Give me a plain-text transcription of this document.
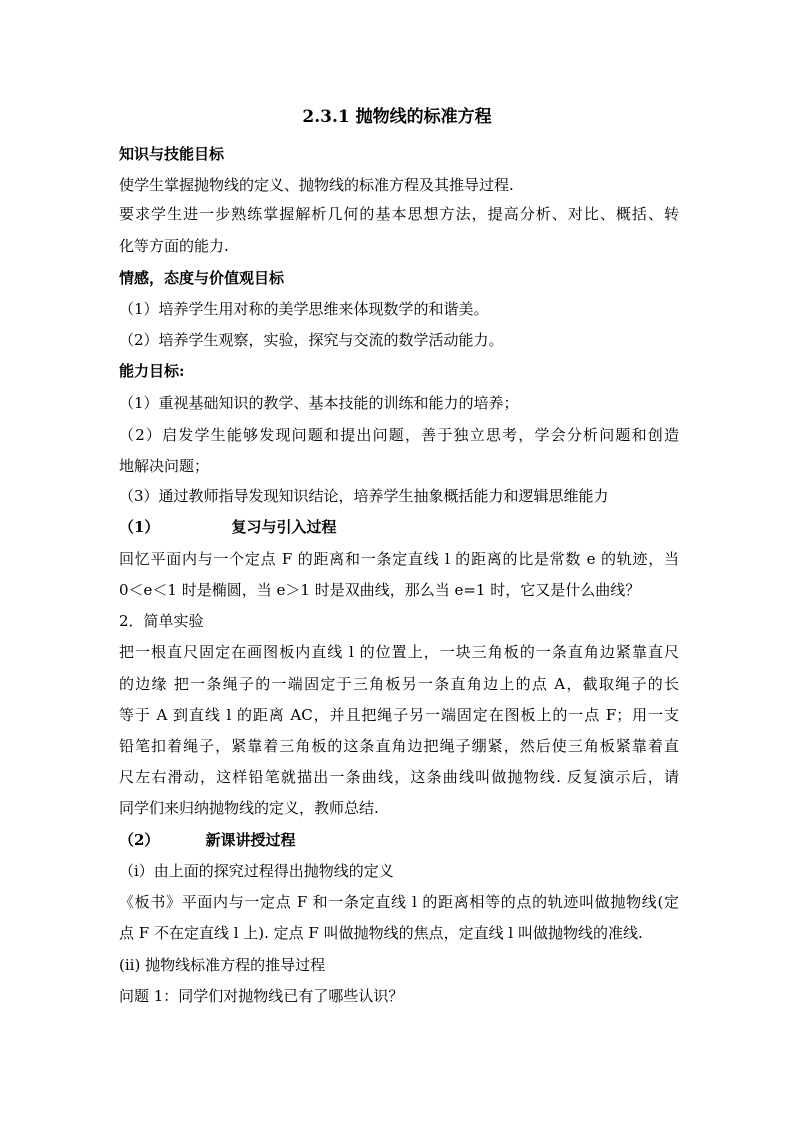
2.3.1 抛物线的标准方程
知识与技能目标
使学生掌握抛物线的定义、抛物线的标准方程及其推导过程.
要求学生进一步熟练掌握解析几何的基本思想方法，提高分析、对比、概括、转
化等方面的能力.
情感，态度与价值观目标
（1）培养学生用对称的美学思维来体现数学的和谐美。
（2）培养学生观察，实验，探究与交流的数学活动能力。
能力目标:
（1）重视基础知识的教学、基本技能的训练和能力的培养；
（2）启发学生能够发现问题和提出问题，善于独立思考，学会分析问题和创造
地解决问题；
（3）通过教师指导发现知识结论，培养学生抽象概括能力和逻辑思维能力
（1）	复习与引入过程
回忆平面内与一个定点 F 的距离和一条定直线 l 的距离的比是常数 e 的轨迹，当
0＜e＜1 时是椭圆，当 e＞1 时是双曲线，那么当 e=1 时，它又是什么曲线？
2．简单实验
把一根直尺固定在画图板内直线 l 的位置上，一块三角板的一条直角边紧靠直尺
的边缘 把一条绳子的一端固定于三角板另一条直角边上的点 A，截取绳子的长
等于 A 到直线 l 的距离 AC，并且把绳子另一端固定在图板上的一点 F；用一支
铅笔扣着绳子，紧靠着三角板的这条直角边把绳子绷紧，然后使三角板紧靠着直
尺左右滑动，这样铅笔就描出一条曲线，这条曲线叫做抛物线. 反复演示后，请
同学们来归纳抛物线的定义，教师总结.
（2）	新课讲授过程
（i）由上面的探究过程得出抛物线的定义
《板书》平面内与一定点 F 和一条定直线 l 的距离相等的点的轨迹叫做抛物线(定
点 F 不在定直线 l 上). 定点 F 叫做抛物线的焦点，定直线 l 叫做抛物线的准线.
(ii) 抛物线标准方程的推导过程
问题 1：同学们对抛物线已有了哪些认识？
